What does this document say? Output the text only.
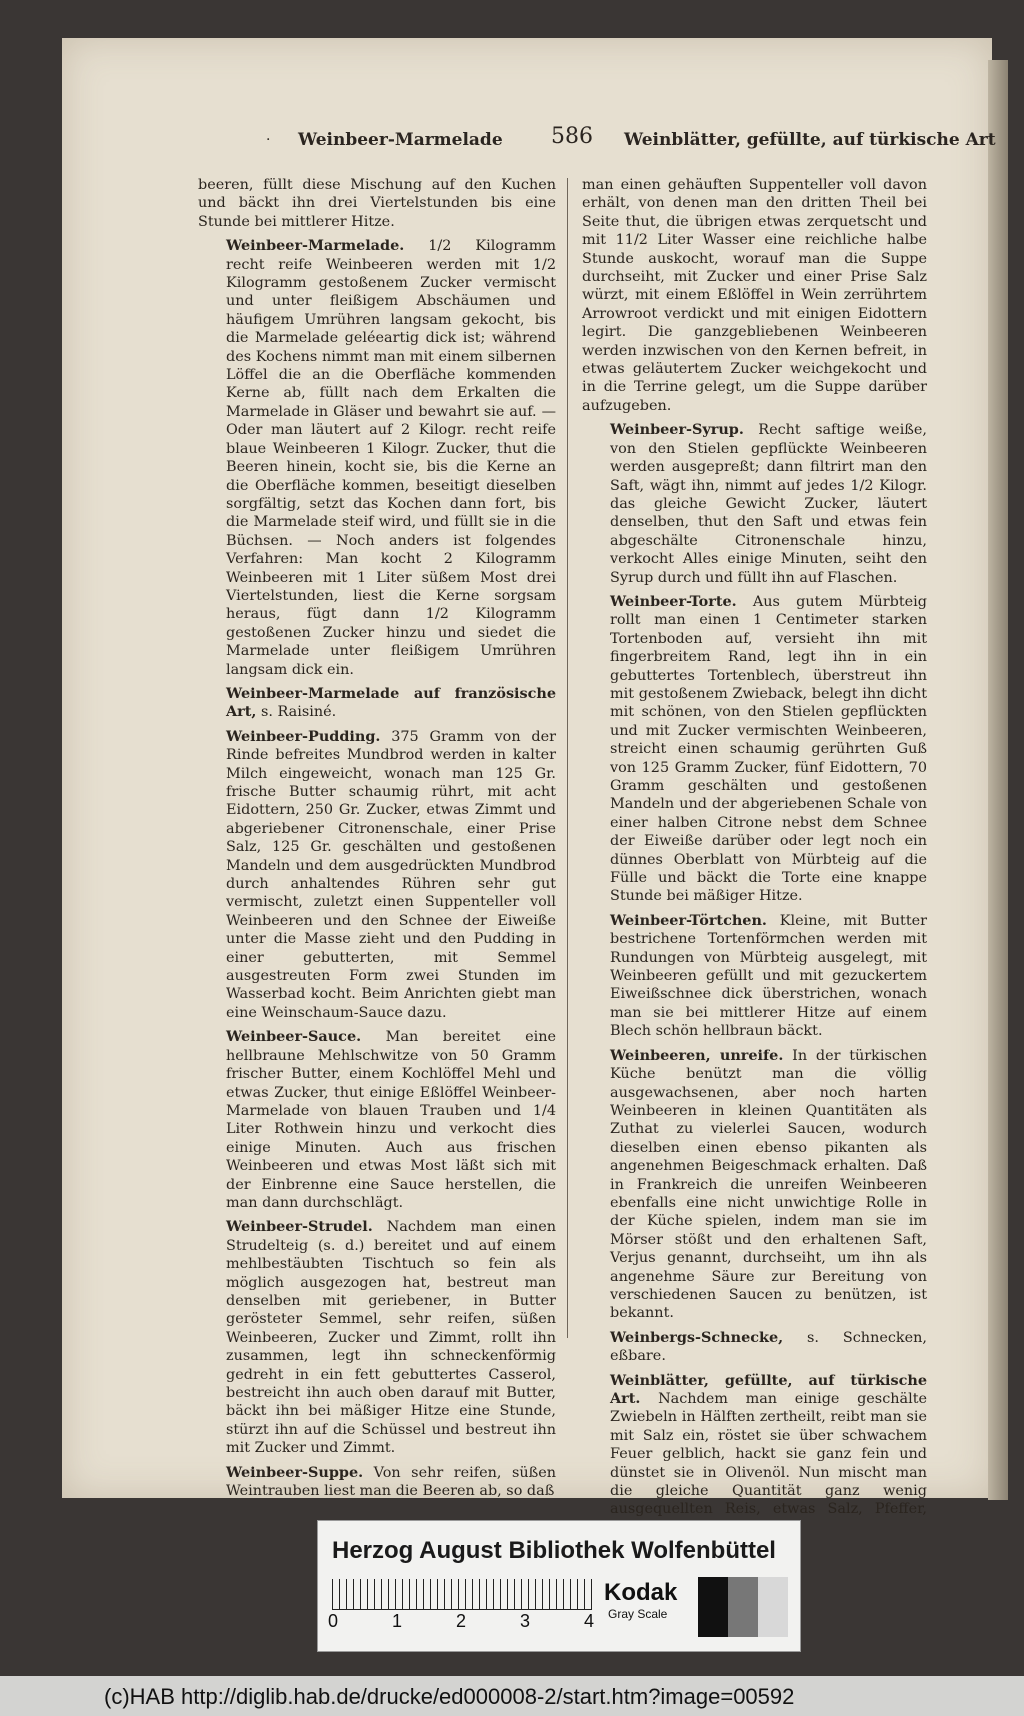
· Weinbeer-Marmelade 586 Weinblätter, gefüllte, auf türkische Art

beeren, füllt diese Mischung auf den Kuchen und bäckt ihn drei Viertelstunden bis eine Stunde bei mittlerer Hitze.

Weinbeer-Marmelade. 1/2 Kilogramm recht reife Weinbeeren werden mit 1/2 Kilogramm gestoßenem Zucker vermischt und unter fleißigem Abschäumen und häufigem Umrühren langsam gekocht, bis die Marmelade geléeartig dick ist; während des Kochens nimmt man mit einem silbernen Löffel die an die Oberfläche kommenden Kerne ab, füllt nach dem Erkalten die Marmelade in Gläser und bewahrt sie auf. — Oder man läutert auf 2 Kilogr. recht reife blaue Weinbeeren 1 Kilogr. Zucker, thut die Beeren hinein, kocht sie, bis die Kerne an die Oberfläche kommen, beseitigt dieselben sorgfältig, setzt das Kochen dann fort, bis die Marmelade steif wird, und füllt sie in die Büchsen. — Noch anders ist folgendes Verfahren: Man kocht 2 Kilogramm Weinbeeren mit 1 Liter süßem Most drei Viertelstunden, liest die Kerne sorgsam heraus, fügt dann 1/2 Kilogramm gestoßenen Zucker hinzu und siedet die Marmelade unter fleißigem Umrühren langsam dick ein.

Weinbeer-Marmelade auf französische Art, s. Raisiné.

Weinbeer-Pudding. 375 Gramm von der Rinde befreites Mundbrod werden in kalter Milch eingeweicht, wonach man 125 Gr. frische Butter schaumig rührt, mit acht Eidottern, 250 Gr. Zucker, etwas Zimmt und abgeriebener Citronenschale, einer Prise Salz, 125 Gr. geschälten und gestoßenen Mandeln und dem ausgedrückten Mundbrod durch anhaltendes Rühren sehr gut vermischt, zuletzt einen Suppenteller voll Weinbeeren und den Schnee der Eiweiße unter die Masse zieht und den Pudding in einer gebutterten, mit Semmel ausgestreuten Form zwei Stunden im Wasserbad kocht. Beim Anrichten giebt man eine Weinschaum-Sauce dazu.

Weinbeer-Sauce. Man bereitet eine hellbraune Mehlschwitze von 50 Gramm frischer Butter, einem Kochlöffel Mehl und etwas Zucker, thut einige Eßlöffel Weinbeer-Marmelade von blauen Trauben und 1/4 Liter Rothwein hinzu und verkocht dies einige Minuten. Auch aus frischen Weinbeeren und etwas Most läßt sich mit der Einbrenne eine Sauce herstellen, die man dann durchschlägt.

Weinbeer-Strudel. Nachdem man einen Strudelteig (s. d.) bereitet und auf einem mehlbestäubten Tischtuch so fein als möglich ausgezogen hat, bestreut man denselben mit geriebener, in Butter gerösteter Semmel, sehr reifen, süßen Weinbeeren, Zucker und Zimmt, rollt ihn zusammen, legt ihn schneckenförmig gedreht in ein fett gebuttertes Casserol, bestreicht ihn auch oben darauf mit Butter, bäckt ihn bei mäßiger Hitze eine Stunde, stürzt ihn auf die Schüssel und bestreut ihn mit Zucker und Zimmt.

Weinbeer-Suppe. Von sehr reifen, süßen Weintrauben liest man die Beeren ab, so daß

man einen gehäuften Suppenteller voll davon erhält, von denen man den dritten Theil bei Seite thut, die übrigen etwas zerquetscht und mit 11/2 Liter Wasser eine reichliche halbe Stunde auskocht, worauf man die Suppe durchseiht, mit Zucker und einer Prise Salz würzt, mit einem Eßlöffel in Wein zerrührtem Arrowroot verdickt und mit einigen Eidottern legirt. Die ganzgebliebenen Weinbeeren werden inzwischen von den Kernen befreit, in etwas geläutertem Zucker weichgekocht und in die Terrine gelegt, um die Suppe darüber aufzugeben.

Weinbeer-Syrup. Recht saftige weiße, von den Stielen gepflückte Weinbeeren werden ausgepreßt; dann filtrirt man den Saft, wägt ihn, nimmt auf jedes 1/2 Kilogr. das gleiche Gewicht Zucker, läutert denselben, thut den Saft und etwas fein abgeschälte Citronenschale hinzu, verkocht Alles einige Minuten, seiht den Syrup durch und füllt ihn auf Flaschen.

Weinbeer-Torte. Aus gutem Mürbteig rollt man einen 1 Centimeter starken Tortenboden auf, versieht ihn mit fingerbreitem Rand, legt ihn in ein gebuttertes Tortenblech, überstreut ihn mit gestoßenem Zwieback, belegt ihn dicht mit schönen, von den Stielen gepflückten und mit Zucker vermischten Weinbeeren, streicht einen schaumig gerührten Guß von 125 Gramm Zucker, fünf Eidottern, 70 Gramm geschälten und gestoßenen Mandeln und der abgeriebenen Schale von einer halben Citrone nebst dem Schnee der Eiweiße darüber oder legt noch ein dünnes Oberblatt von Mürbteig auf die Fülle und bäckt die Torte eine knappe Stunde bei mäßiger Hitze.

Weinbeer-Törtchen. Kleine, mit Butter bestrichene Tortenförmchen werden mit Rundungen von Mürbteig ausgelegt, mit Weinbeeren gefüllt und mit gezuckertem Eiweißschnee dick überstrichen, wonach man sie bei mittlerer Hitze auf einem Blech schön hellbraun bäckt.

Weinbeeren, unreife. In der türkischen Küche benützt man die völlig ausgewachsenen, aber noch harten Weinbeeren in kleinen Quantitäten als Zuthat zu vielerlei Saucen, wodurch dieselben einen ebenso pikanten als angenehmen Beigeschmack erhalten. Daß in Frankreich die unreifen Weinbeeren ebenfalls eine nicht unwichtige Rolle in der Küche spielen, indem man sie im Mörser stößt und den erhaltenen Saft, Verjus genannt, durchseiht, um ihn als angenehme Säure zur Bereitung von verschiedenen Saucen zu benützen, ist bekannt.

Weinbergs-Schnecke, s. Schnecken, eßbare.

Weinblätter, gefüllte, auf türkische Art. Nachdem man einige geschälte Zwiebeln in Hälften zertheilt, reibt man sie mit Salz ein, röstet sie über schwachem Feuer gelblich, hackt sie ganz fein und dünstet sie in Olivenöl. Nun mischt man die gleiche Quantität ganz wenig ausgequellten Reis, etwas Salz, Pfeffer,

Herzog August Bibliothek Wolfenbüttel
0	1	2	3	4
Kodak
Gray Scale
(c)HAB http://diglib.hab.de/drucke/ed000008-2/start.htm?image=00592
